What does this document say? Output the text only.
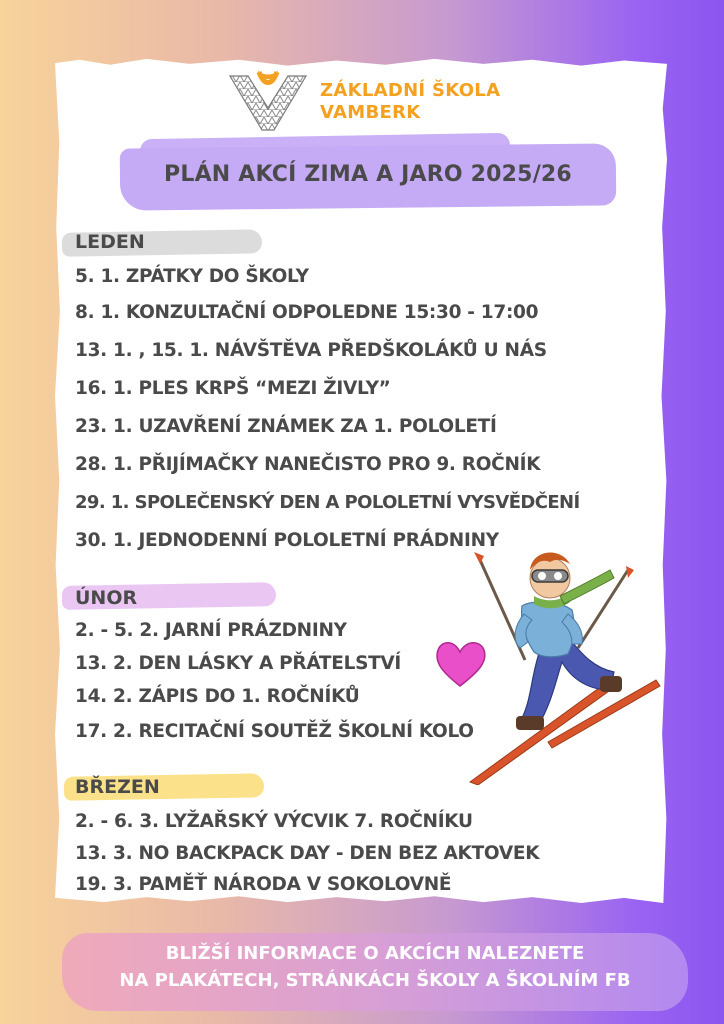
ZÁKLADNÍ ŠKOLA
VAMBERK
PLÁN AKCÍ ZIMA A JARO 2025/26
LEDEN
5. 1. ZPÁTKY DO ŠKOLY
8. 1. KONZULTAČNÍ ODPOLEDNE 15:30 - 17:00
13. 1. , 15. 1. NÁVŠTĚVA PŘEDŠKOLÁKŮ U NÁS
16. 1. PLES KRPŠ “MEZI ŽIVLY”
23. 1. UZAVŘENÍ ZNÁMEK ZA 1. POLOLETÍ
28. 1. PŘIJÍMAČKY NANEČISTO PRO 9. ROČNÍK
29. 1. SPOLEČENSKÝ DEN A POLOLETNÍ VYSVĚDČENÍ
30. 1. JEDNODENNÍ POLOLETNÍ PRÁDNINY
ÚNOR
2. - 5. 2. JARNÍ PRÁZDNINY
13. 2. DEN LÁSKY A PŘÁTELSTVÍ
14. 2. ZÁPIS DO 1. ROČNÍKŮ
17. 2. RECITAČNÍ SOUTĚŽ ŠKOLNÍ KOLO
BŘEZEN
2. - 6. 3. LYŽAŘSKÝ VÝCVIK 7. ROČNÍKU
13. 3. NO BACKPACK DAY - DEN BEZ AKTOVEK
19. 3. PAMĚŤ NÁRODA V SOKOLOVNĚ
BLIŽŠÍ INFORMACE O AKCÍCH NALEZNETE
NA PLAKÁTECH, STRÁNKÁCH ŠKOLY A ŠKOLNÍM FB
